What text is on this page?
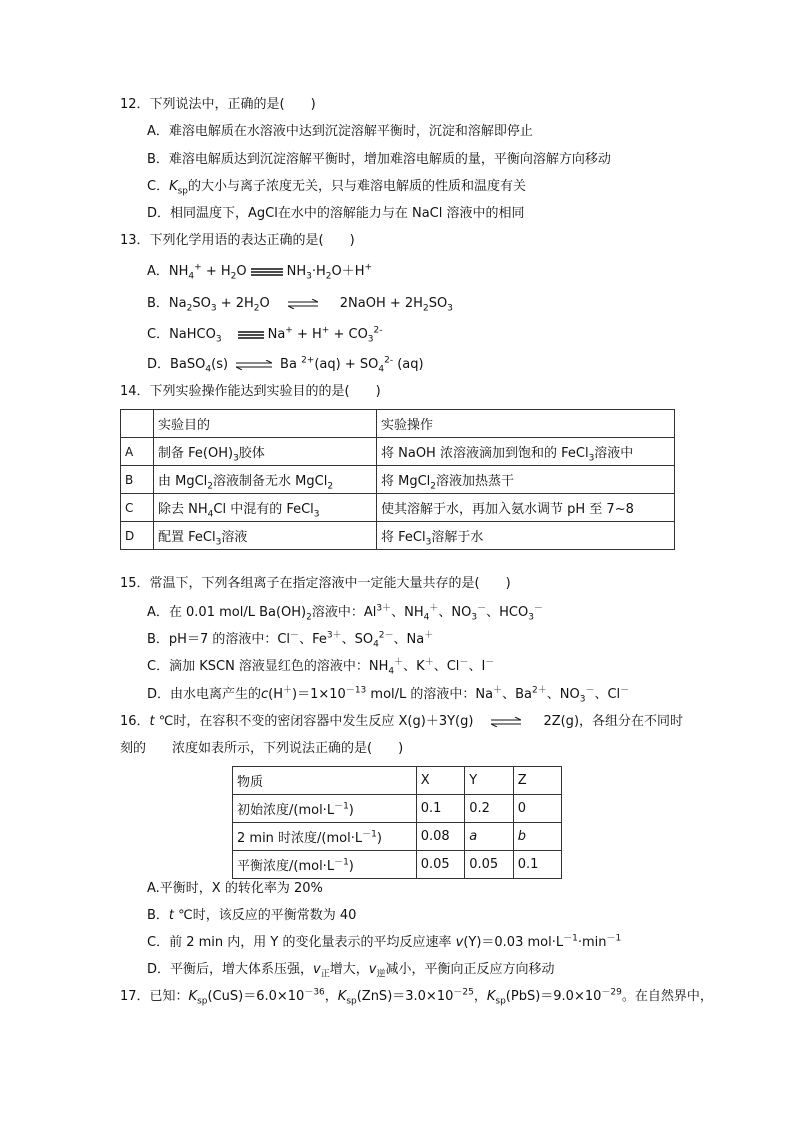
12．下列说法中，正确的是(　　)
A．难溶电解质在水溶液中达到沉淀溶解平衡时，沉淀和溶解即停止
B．难溶电解质达到沉淀溶解平衡时，增加难溶电解质的量，平衡向溶解方向移动
C．$K_{sp}$的大小与离子浓度无关，只与难溶电解质的性质和温度有关
D．相同温度下，AgCl在水中的溶解能力与在 NaCl 溶液中的相同
13．下列化学用语的表达正确的是(　　)
A．$NH_4^+ + H_2O$	$NH_3\cdot H_2O+H^+$
B．$Na_2SO_3 + 2H_2O$ ⇌ 2NaOH + $2H_2SO_3$
C．NaHCO$_3$	$Na^+ + H^+ + CO_3^{2-}$
D．BaSO$_4$(s) ⇌ Ba $^{2+}(aq) + SO_4^{2-}$ (aq)
14．下列实验操作能达到实验目的的是(　　)
	实验目的	实验操作
A	制备 $Fe(OH)_3$胶体	将 NaOH 浓溶液滴加到饱和的 FeCl$_3$溶液中
B	由 MgCl$_2$溶液制备无水 MgCl$_2$	将 MgCl$_2$溶液加热蒸干
C	除去 $NH_4Cl$ 中混有的 FeCl$_3$	使其溶解于水，再加入氨水调节 pH 至 7~8
D	配置 FeCl$_3$溶液	将 FeCl$_3$溶解于水
15．常温下，下列各组离子在指定溶液中一定能大量共存的是(　　)
A．在 0.01 mol/L $Ba(OH)_2$溶液中：$Al^{3+}$、$NH_4^+$、$NO_3^-$、$HCO_3^-$
B．pH＝7 的溶液中：Cl－、$Fe^{3+}$、$SO_4^{2-}$、Na＋
C．滴加 KSCN 溶液显红色的溶液中：$NH_4^+$、K＋、Cl－、I－
D．由水电离产生的$c(H^+)=1\times 10^{-13}$ mol/L 的溶液中：Na＋、$Ba^{2+}$、$NO_3^-$、Cl－
16．t ℃时，在容积不变的密闭容器中发生反应 X(g)＋3Y(g) ⇌ 2Z(g)，各组分在不同时
刻的　　浓度如表所示，下列说法正确的是(　　)
物质	X	Y	Z
初始浓度$/(mol\cdot L^{-1})$	0.1	0.2	0
2 min 时浓度$/(mol\cdot L^{-1})$	0.08	a	b
平衡浓度$/(mol\cdot L^{-1})$	0.05	0.05	0.1
A.平衡时，X 的转化率为 20%
B．t ℃时，该反应的平衡常数为 40
C．前 2 min 内，用 Y 的变化量表示的平均反应速率 v(Y)＝0.03 $mol\cdot L^{-1}\cdot\min^{-1}$
D．平衡后，增大体系压强，$v_正$增大，$v_逆$减小，平衡向正反应方向移动
17．已知：$K_{sp}(CuS)=6.0\times 10^{-36}$，$K_{sp}(ZnS)=3.0\times 10^{-25}$，$K_{sp}(PbS)=9.0\times 10^{-29}$。在自然界中，
